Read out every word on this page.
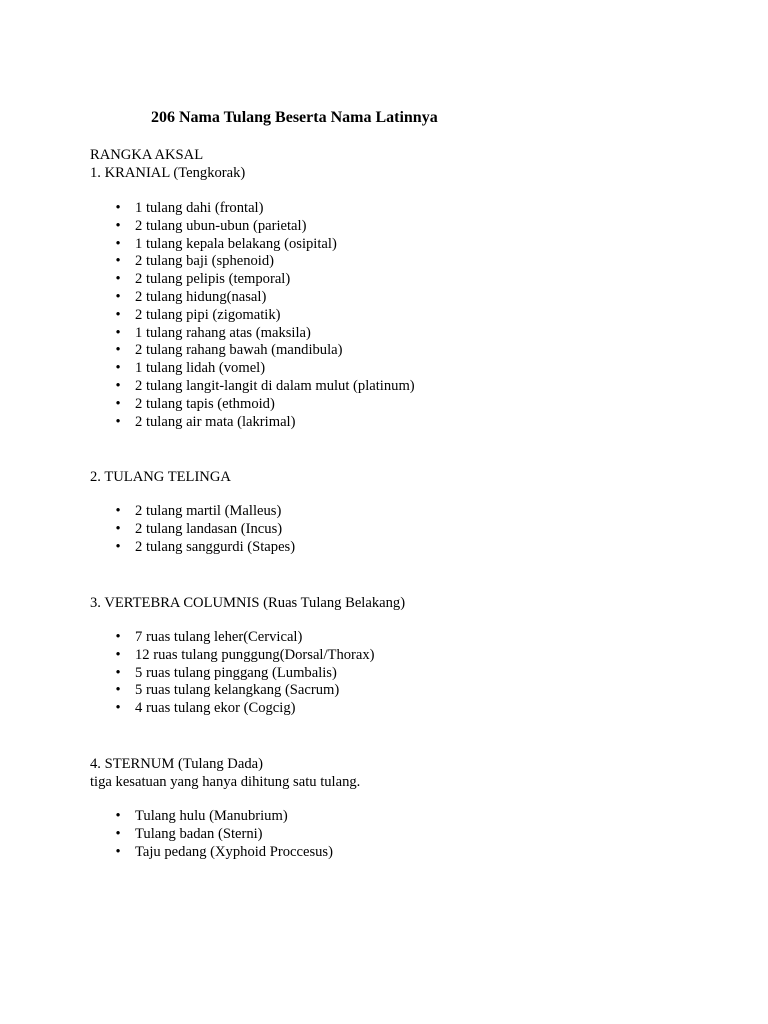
206 Nama Tulang Beserta Nama Latinnya
RANGKA AKSAL
1. KRANIAL (Tengkorak)
• 1 tulang dahi (frontal)
• 2 tulang ubun-ubun (parietal)
• 1 tulang kepala belakang (osipital)
• 2 tulang baji (sphenoid)
• 2 tulang pelipis (temporal)
• 2 tulang hidung(nasal)
• 2 tulang pipi (zigomatik)
• 1 tulang rahang atas (maksila)
• 2 tulang rahang bawah (mandibula)
• 1 tulang lidah (vomel)
• 2 tulang langit-langit di dalam mulut (platinum)
• 2 tulang tapis (ethmoid)
• 2 tulang air mata (lakrimal)
2. TULANG TELINGA
• 2 tulang martil (Malleus)
• 2 tulang landasan (Incus)
• 2 tulang sanggurdi (Stapes)
3. VERTEBRA COLUMNIS (Ruas Tulang Belakang)
• 7 ruas tulang leher(Cervical)
• 12 ruas tulang punggung(Dorsal/Thorax)
• 5 ruas tulang pinggang (Lumbalis)
• 5 ruas tulang kelangkang (Sacrum)
• 4 ruas tulang ekor (Cogcig)
4. STERNUM (Tulang Dada)
tiga kesatuan yang hanya dihitung satu tulang.
• Tulang hulu (Manubrium)
• Tulang badan (Sterni)
• Taju pedang (Xyphoid Proccesus)
